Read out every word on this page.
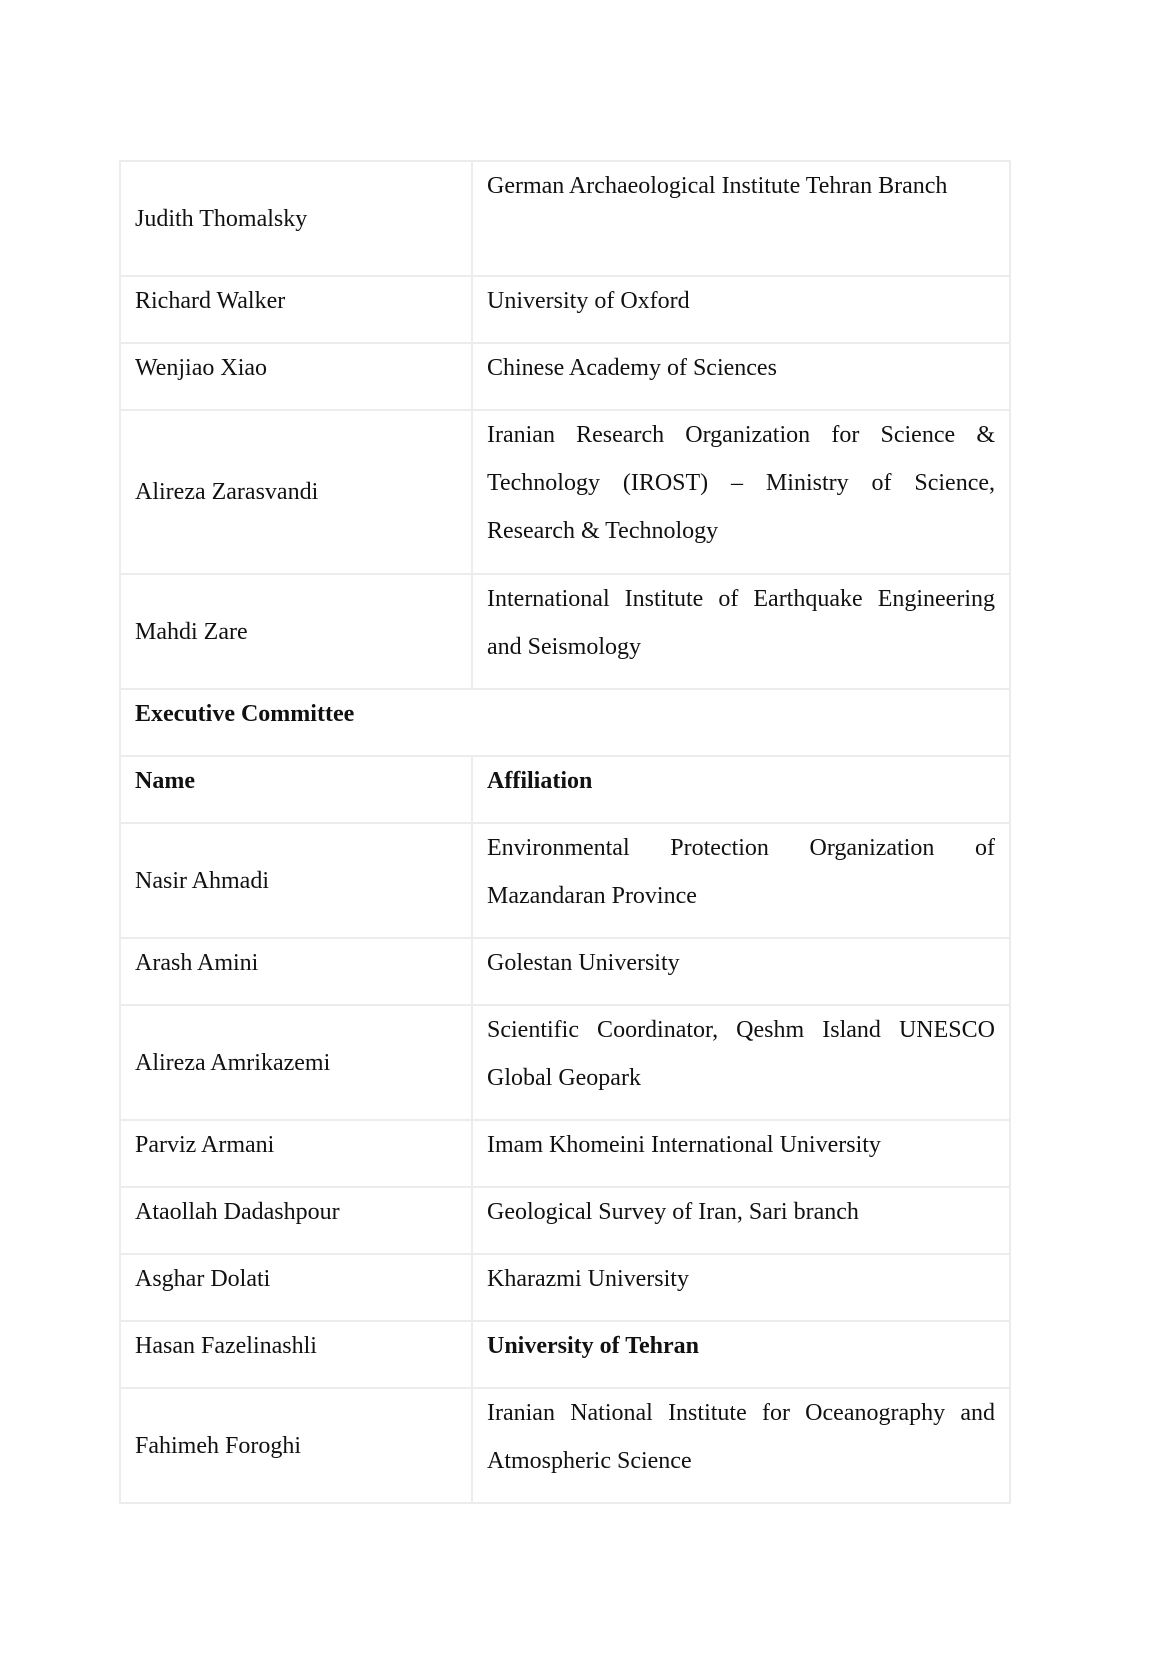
Judith Thomalsky	German Archaeological Institute Tehran Branch

Richard Walker	University of Oxford

Wenjiao Xiao	Chinese Academy of Sciences

Alireza Zarasvandi	Iranian Research Organization for Science & Technology (IROST) – Ministry of Science, Research & Technology

Mahdi Zare	International Institute of Earthquake Engineering and Seismology

Executive Committee	

Name	Affiliation

Nasir Ahmadi	Environmental Protection Organization of Mazandaran Province

Arash Amini	Golestan University

Alireza Amrikazemi	Scientific Coordinator, Qeshm Island UNESCO Global Geopark

Parviz Armani	Imam Khomeini International University

Ataollah Dadashpour	Geological Survey of Iran, Sari branch

Asghar Dolati	Kharazmi University

Hasan Fazelinashli	University of Tehran

Fahimeh Foroghi	Iranian National Institute for Oceanography and Atmospheric Science
